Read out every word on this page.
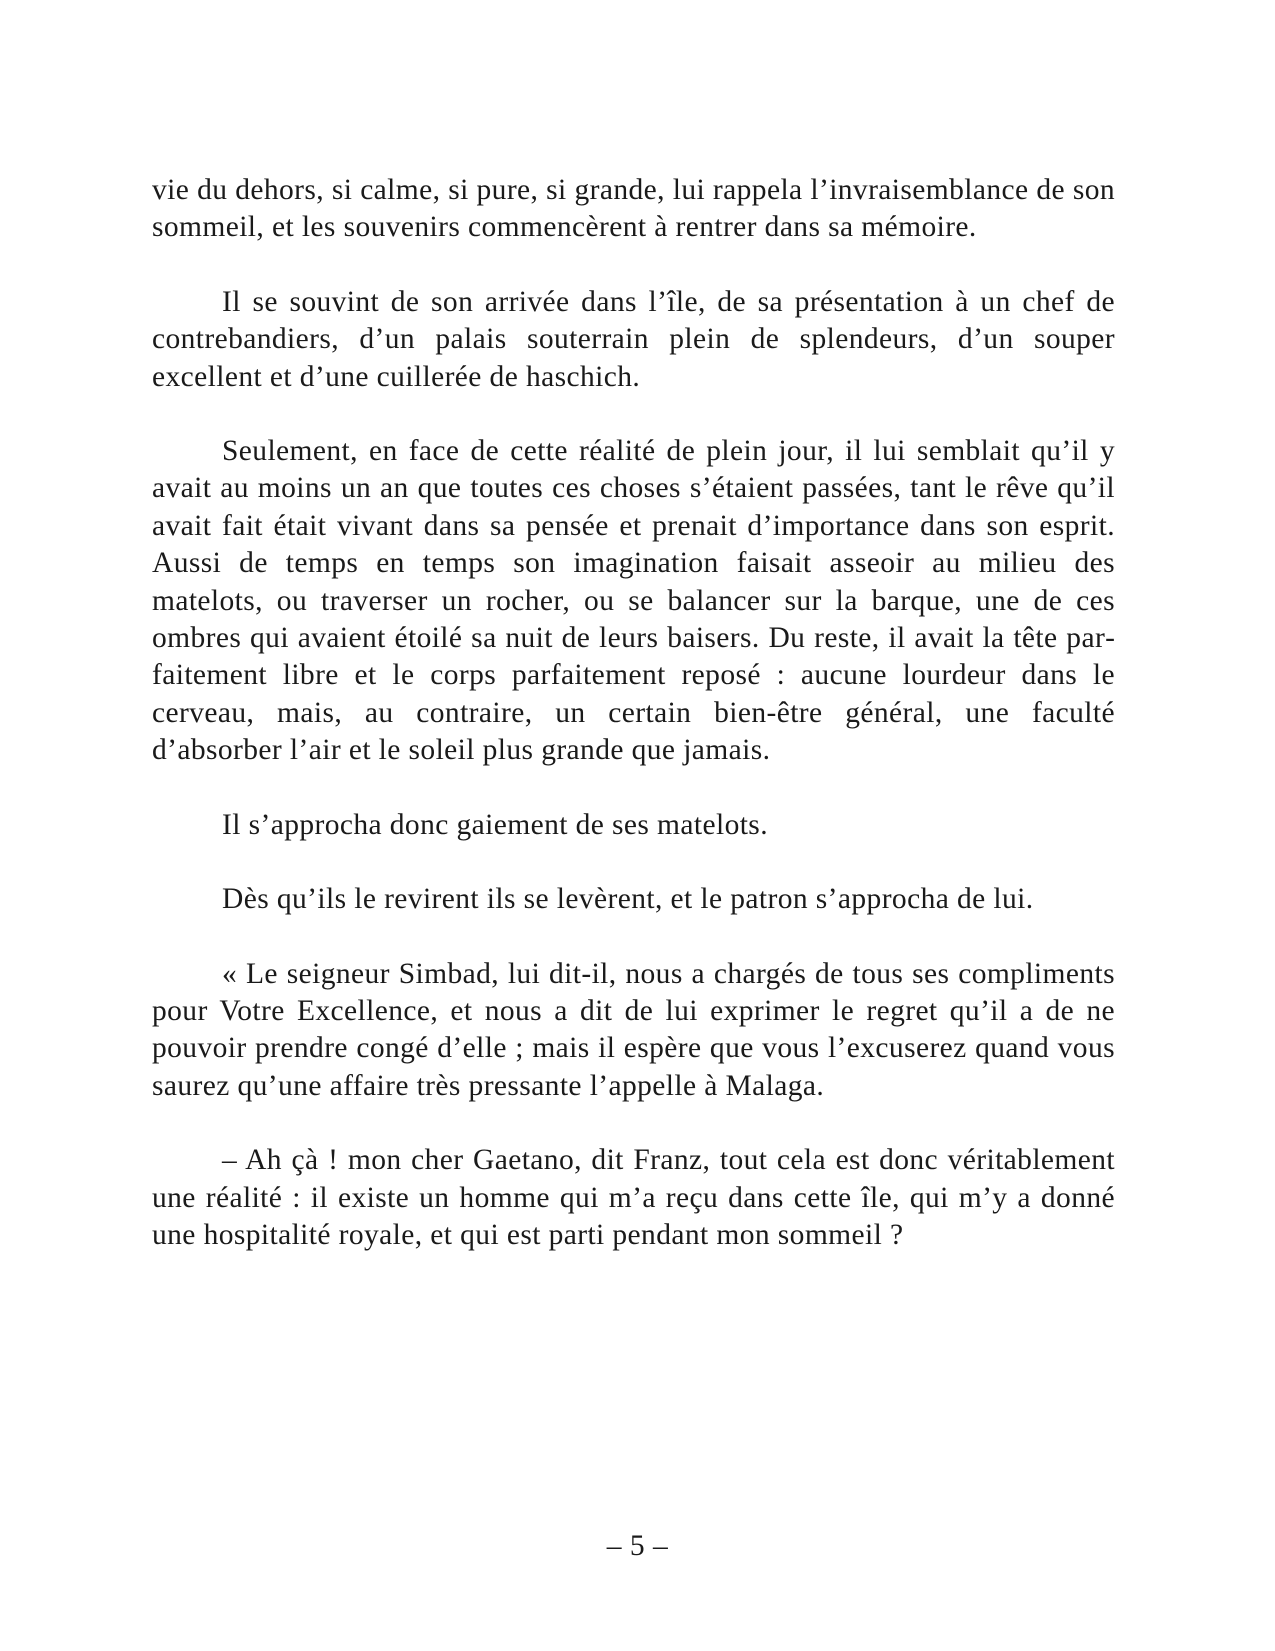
vie du dehors, si calme, si pure, si grande, lui rappela l’invraisemblance de son sommeil, et les souvenirs commencèrent à rentrer dans sa mémoire.

Il se souvint de son arrivée dans l’île, de sa présentation à un chef de contrebandiers, d’un palais souterrain plein de splendeurs, d’un souper excellent et d’une cuillerée de haschich.

Seulement, en face de cette réalité de plein jour, il lui semblait qu’il y avait au moins un an que toutes ces choses s’étaient passées, tant le rêve qu’il avait fait était vivant dans sa pensée et prenait d’importance dans son esprit. Aussi de temps en temps son imagination faisait asseoir au milieu des matelots, ou traverser un rocher, ou se balancer sur la barque, une de ces ombres qui avaient étoilé sa nuit de leurs baisers. Du reste, il avait la tête parfaitement libre et le corps parfaitement reposé : aucune lourdeur dans le cerveau, mais, au contraire, un certain bien-être général, une faculté d’absorber l’air et le soleil plus grande que jamais.

Il s’approcha donc gaiement de ses matelots.

Dès qu’ils le revirent ils se levèrent, et le patron s’approcha de lui.

« Le seigneur Simbad, lui dit-il, nous a chargés de tous ses compliments pour Votre Excellence, et nous a dit de lui exprimer le regret qu’il a de ne pouvoir prendre congé d’elle ; mais il espère que vous l’excuserez quand vous saurez qu’une affaire très pressante l’appelle à Malaga.

– Ah çà ! mon cher Gaetano, dit Franz, tout cela est donc véritablement une réalité : il existe un homme qui m’a reçu dans cette île, qui m’y a donné une hospitalité royale, et qui est parti pendant mon sommeil ?

– 5 –
